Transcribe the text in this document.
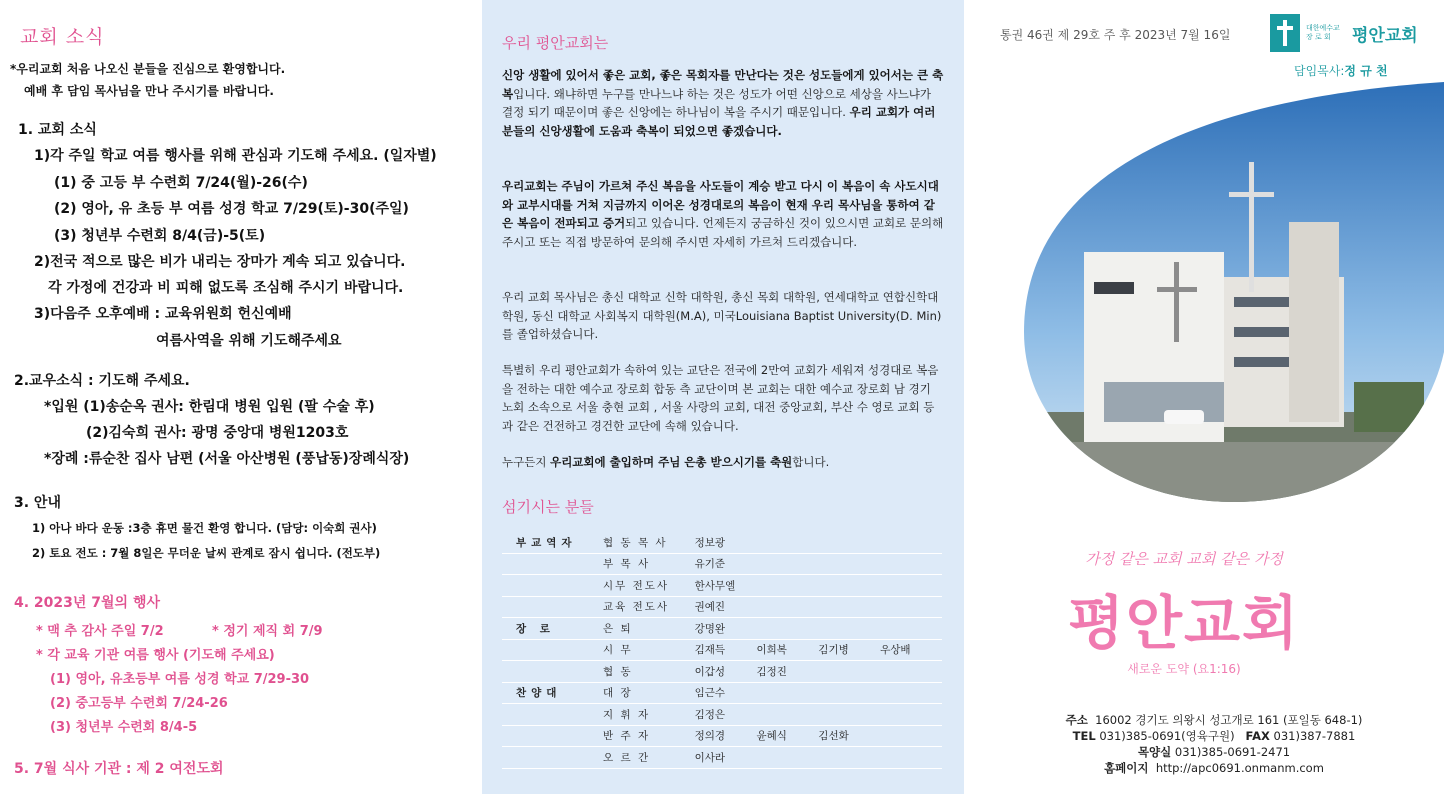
교회 소식
*우리교회 처음 나오신 분들을 진심으로 환영합니다.
예배 후 담임 목사님을 만나 주시기를 바랍니다.
1. 교회 소식
1)각 주일 학교 여름 행사를 위해 관심과 기도해 주세요. (일자별)
(1) 중 고등 부 수련회 7/24(월)-26(수)
(2) 영아, 유 초등 부 여름 성경 학교 7/29(토)-30(주일)
(3) 청년부 수련회 8/4(금)-5(토)
2)전국 적으로 많은 비가 내리는 장마가 계속 되고 있습니다.
각 가정에 건강과 비 피해 없도록 조심해 주시기 바랍니다.
3)다음주 오후예배 : 교육위원회 헌신예배
여름사역을 위해 기도해주세요
2.교우소식 : 기도해 주세요.
*입원 (1)송순옥 권사: 한림대 병원 입원 (팔 수술 후)
(2)김숙희 권사: 광명 중앙대 병원1203호
*장례 :류순찬 집사 남편 (서울 아산병원 (풍납동)장례식장)
3. 안내
1) 아나 바다 운동 :3층 휴면 물건 환영 합니다. (담당: 이숙희 권사)
2) 토요 전도 : 7월 8일은 무더운 날씨 관계로 잠시 쉽니다. (전도부)
4. 2023년 7월의 행사
* 맥 추 감사 주일 7/2	* 정기 제직 회 7/9
* 각 교육 기관 여름 행사 (기도해 주세요)
(1) 영아, 유초등부 여름 성경 학교 7/29-30
(2) 중고등부 수련회 7/24-26
(3) 청년부 수련회 8/4-5
5. 7월 식사 기관 : 제 2 여전도회
우리 평안교회는
신앙 생활에 있어서 좋은 교회, 좋은 목회자를 만난다는 것은 성도들에게 있어서는 큰 축복입니다. 왜냐하면 누구를 만나느냐 하는 것은 성도가 어떤 신앙으로 세상을 사느냐가 결정 되기 때문이며 좋은 신앙에는 하나님이 복을 주시기 때문입니다. 우리 교회가 여러분들의 신앙생활에 도움과 축복이 되었으면 좋겠습니다.
우리교회는 주님이 가르쳐 주신 복음을 사도들이 계승 받고 다시 이 복음이 속 사도시대와 교부시대를 거쳐 지금까지 이어온 성경대로의 복음이 현재 우리 목사님을 통하여 같은 복음이 전파되고 증거되고 있습니다. 언제든지 궁금하신 것이 있으시면 교회로 문의해 주시고 또는 직접 방문하여 문의해 주시면 자세히 가르쳐 드리겠습니다.
우리 교회 목사님은 총신 대학교 신학 대학원, 총신 목회 대학원, 연세대학교 연합신학대학원, 동신 대학교 사회복지 대학원(M.A), 미국Louisiana Baptist University(D. Min)를 졸업하셨습니다.
특별히 우리 평안교회가 속하여 있는 교단은 전국에 2만여 교회가 세워져 성경대로 복음을 전하는 대한 예수교 장로회 합동 측 교단이며 본 교회는 대한 예수교 장로회 남 경기 노회 소속으로 서울 충현 교회 , 서울 사랑의 교회, 대전 중앙교회, 부산 수 영로 교회 등과 같은 건전하고 경건한 교단에 속해 있습니다.
누구든지 우리교회에 출입하며 주님 은총 받으시기를 축원합니다.
섬기시는 분들
부교역자	협 동 목 사	정보광			
	부 목 사	유기준			
	시무 전도사	한사무엘			
	교육 전도사	권예진			
장 로	은 퇴	강명완			
	시 무	김재득	이희복	김기병	우상배
	협 동	이갑성	김정진		
찬양대	대 장	임근수			
	지 휘 자	김정은			
	반 주 자	정의경	윤혜식	김선화	
	오 르 간	이사라			
통권 46권 제 29호 주 후 2023년 7월 16일	대한예수교 장 로 회	평안교회
담임목사:정 규 천
가정 같은 교회 교회 같은 가정
평안교회
새로운 도약 (요1:16)
주소 16002 경기도 의왕시 성고개로 161 (포일동 648-1)
TEL 031)385-0691(영육구원) FAX 031)387-7881
목양실 031)385-0691-2471
홈페이지 http://apc0691.onmanm.com
